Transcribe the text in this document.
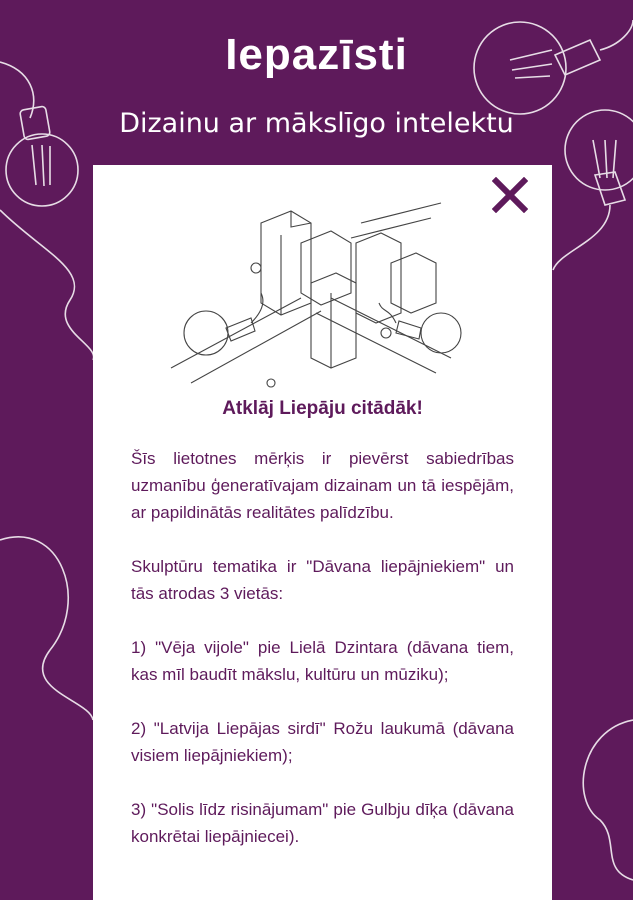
Iepazīsti
Dizainu ar mākslīgo intelektu
Atklāj Liepāju citādāk!

Šīs lietotnes mērķis ir pievērst sabiedrības uzmanību ģeneratīvajam dizainam un tā iespējām, ar papildinātās realitātes palīdzību.

Skulptūru tematika ir "Dāvana liepājniekiem" un tās atrodas 3 vietās:

1) "Vēja vijole" pie Lielā Dzintara (dāvana tiem, kas mīl baudīt mākslu, kultūru un mūziku);

2) "Latvija Liepājas sirdī" Rožu laukumā (dāvana visiem liepājniekiem);

3) "Solis līdz risinājumam" pie Gulbju dīķa (dāvana konkrētai liepājniecei).
